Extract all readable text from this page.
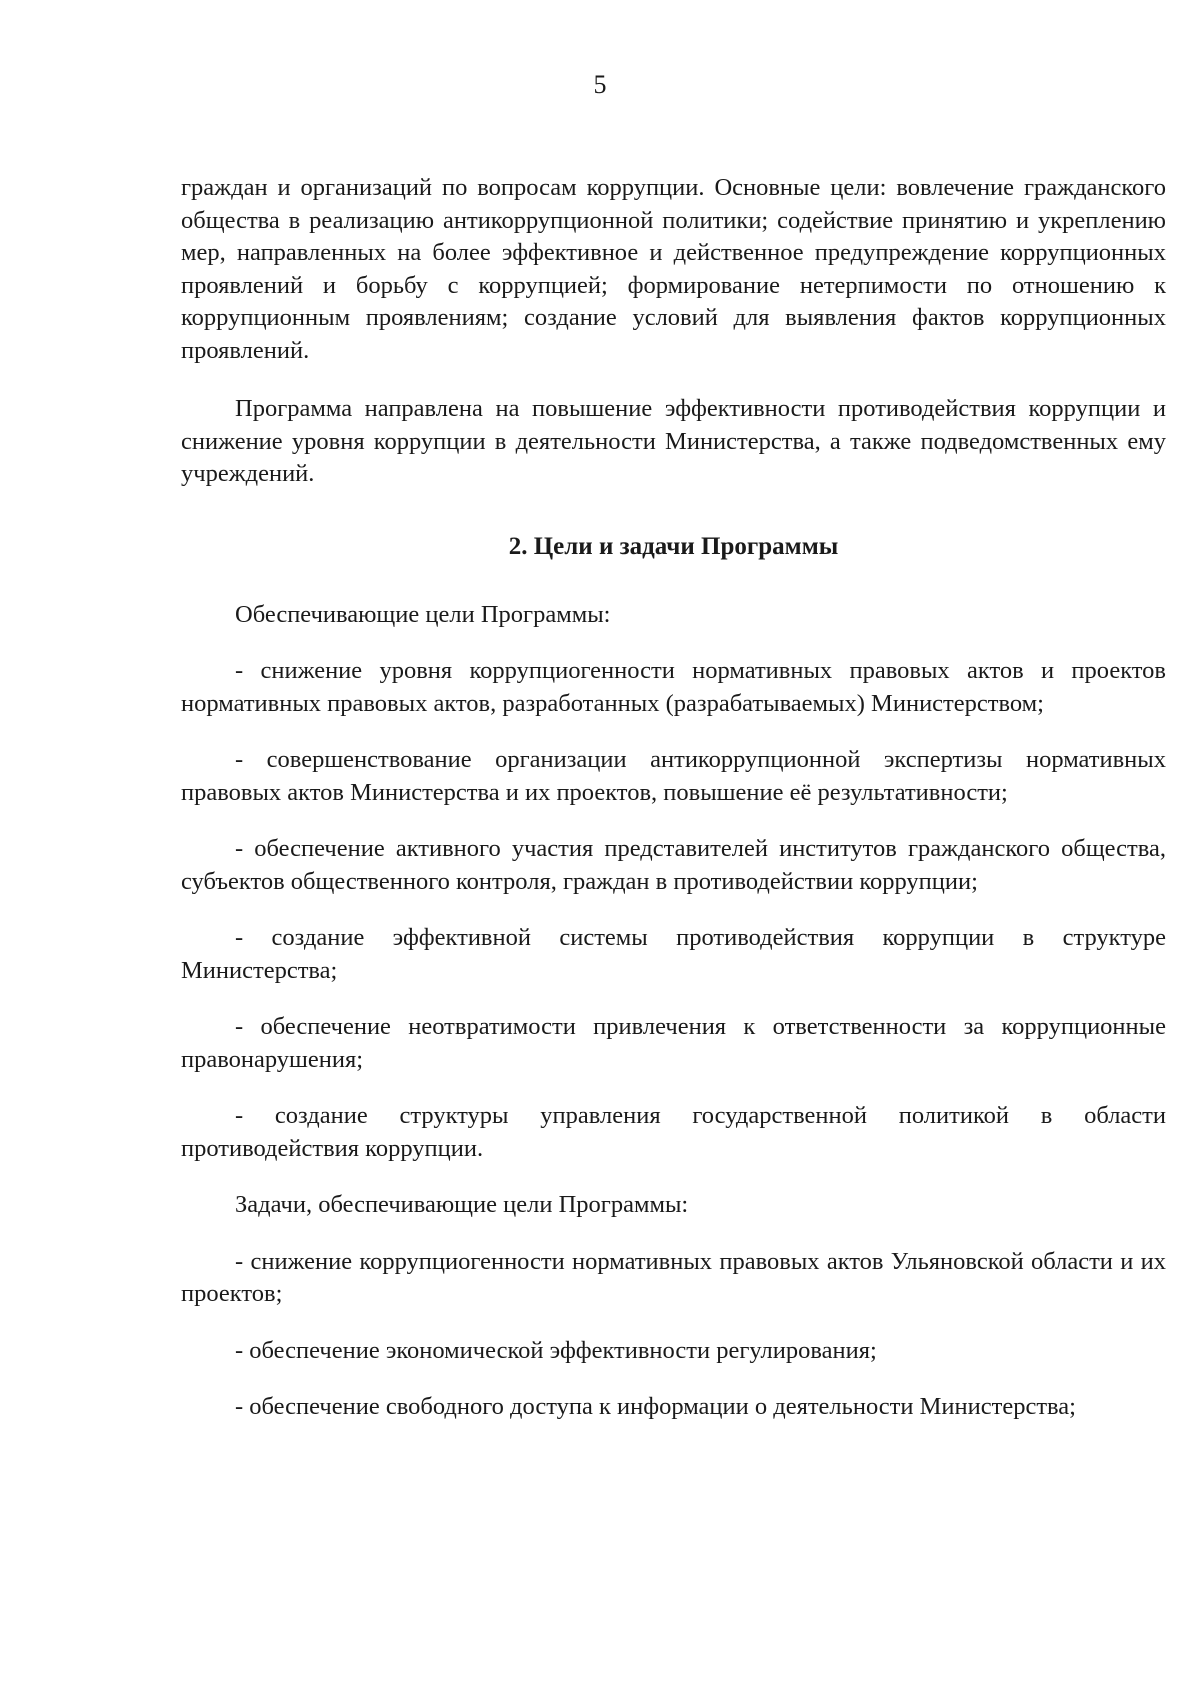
5

граждан и организаций по вопросам коррупции. Основные цели: вовлечение гражданского общества в реализацию антикоррупционной политики; содействие принятию и укреплению мер, направленных на более эффективное и действенное предупреждение коррупционных проявлений и борьбу с коррупцией; формирование нетерпимости по отношению к коррупционным проявлениям; создание условий для выявления фактов коррупционных проявлений.

Программа направлена на повышение эффективности противодействия коррупции и снижение уровня коррупции в деятельности Министерства, а также подведомственных ему учреждений.

2. Цели и задачи Программы

Обеспечивающие цели Программы:

- снижение уровня коррупциогенности нормативных правовых актов и проектов нормативных правовых актов, разработанных (разрабатываемых) Министерством;

- совершенствование организации антикоррупционной экспертизы нормативных правовых актов Министерства и их проектов, повышение её результативности;

- обеспечение активного участия представителей институтов гражданского общества, субъектов общественного контроля, граждан в противодействии коррупции;

- создание эффективной системы противодействия коррупции в структуре Министерства;

- обеспечение неотвратимости привлечения к ответственности за коррупционные правонарушения;

- создание структуры управления государственной политикой в области противодействия коррупции.

Задачи, обеспечивающие цели Программы:

- снижение коррупциогенности нормативных правовых актов Ульяновской области и их проектов;

- обеспечение экономической эффективности регулирования;

- обеспечение свободного доступа к информации о деятельности Министерства;
